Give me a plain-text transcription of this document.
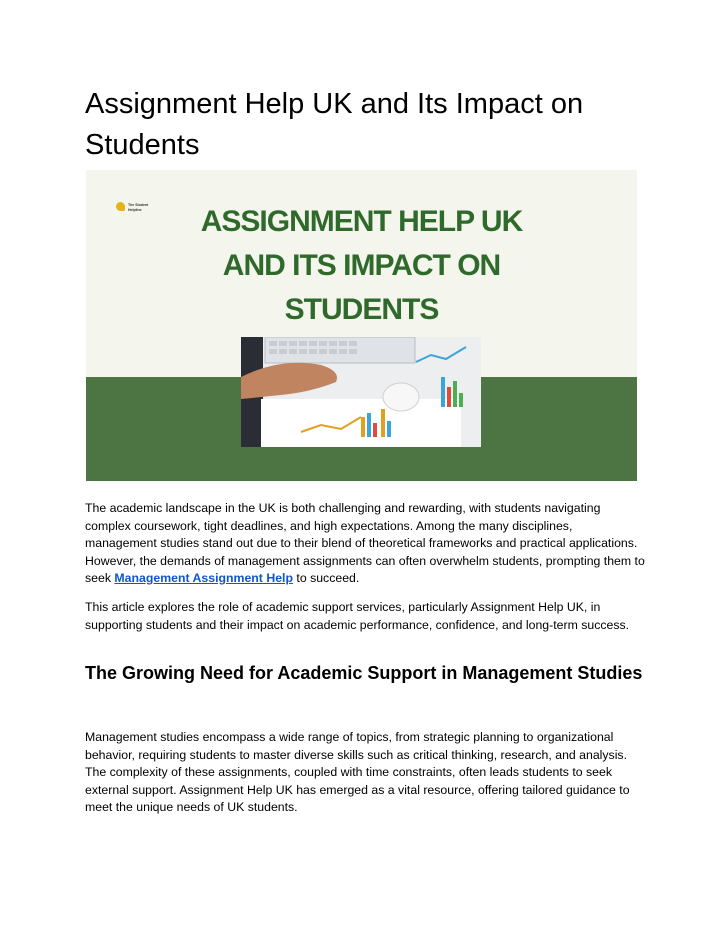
Assignment Help UK and Its Impact on Students
The Student Helpline	ASSIGNMENT HELP UK
AND ITS IMPACT ON
STUDENTS

The academic landscape in the UK is both challenging and rewarding, with students navigating complex coursework, tight deadlines, and high expectations. Among the many disciplines, management studies stand out due to their blend of theoretical frameworks and practical applications. However, the demands of management assignments can often overwhelm students, prompting them to seek Management Assignment Help to succeed.

This article explores the role of academic support services, particularly Assignment Help UK, in supporting students and their impact on academic performance, confidence, and long-term success.

The Growing Need for Academic Support in Management Studies

Management studies encompass a wide range of topics, from strategic planning to organizational behavior, requiring students to master diverse skills such as critical thinking, research, and analysis. The complexity of these assignments, coupled with time constraints, often leads students to seek external support. Assignment Help UK has emerged as a vital resource, offering tailored guidance to meet the unique needs of UK students.
